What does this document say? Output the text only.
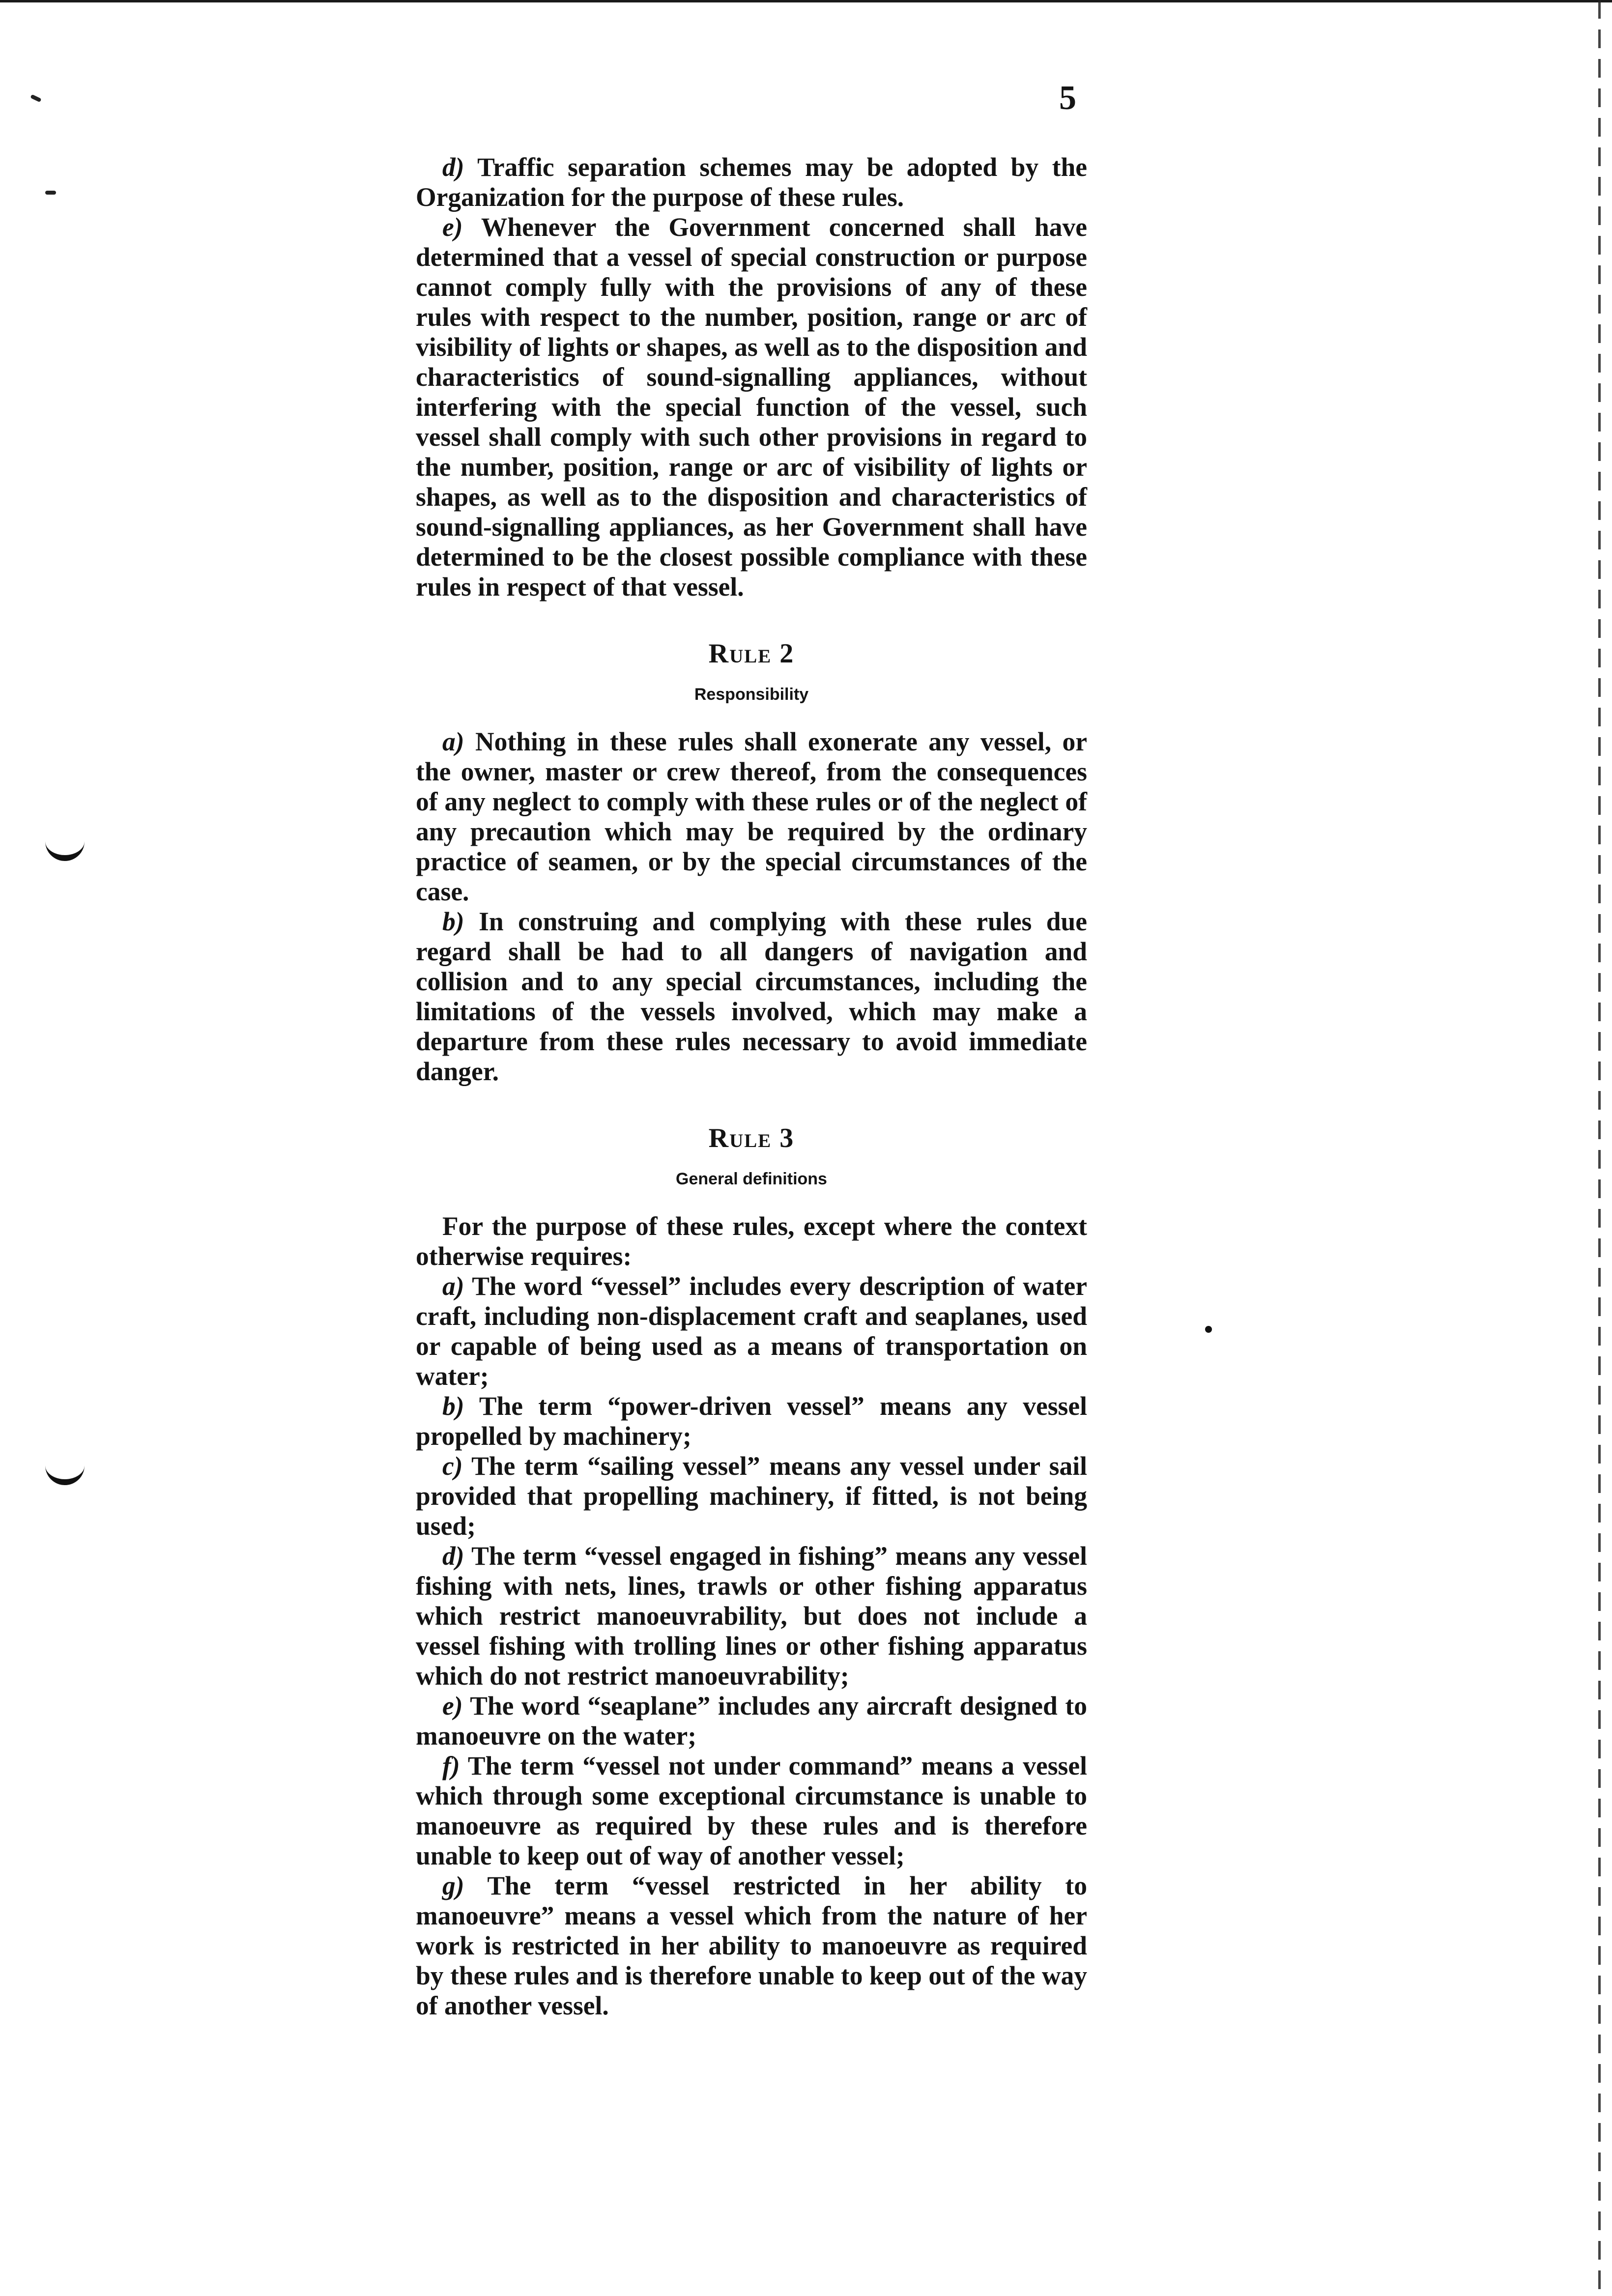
5

d) Traffic separation schemes may be adopted by the Organization for the purpose of these rules.

e) Whenever the Government concerned shall have determined that a vessel of special construction or purpose cannot comply fully with the provisions of any of these rules with respect to the number, position, range or arc of visibility of lights or shapes, as well as to the disposition and characteristics of sound-signalling appliances, without interfering with the special function of the vessel, such vessel shall comply with such other provisions in regard to the number, position, range or arc of visibility of lights or shapes, as well as to the disposition and characteristics of sound-signalling appliances, as her Government shall have determined to be the closest possible compliance with these rules in respect of that vessel.

Rule 2
Responsibility

a) Nothing in these rules shall exonerate any vessel, or the owner, master or crew thereof, from the consequences of any neglect to comply with these rules or of the neglect of any precaution which may be required by the ordinary practice of seamen, or by the special circumstances of the case.

b) In construing and complying with these rules due regard shall be had to all dangers of navigation and collision and to any special circumstances, including the limitations of the vessels involved, which may make a departure from these rules necessary to avoid immediate danger.

Rule 3
General definitions

For the purpose of these rules, except where the context otherwise requires:

a) The word “vessel” includes every description of water craft, including non-displacement craft and seaplanes, used or capable of being used as a means of transportation on water;

b) The term “power-driven vessel” means any vessel propelled by machinery;

c) The term “sailing vessel” means any vessel under sail provided that propelling machinery, if fitted, is not being used;

d) The term “vessel engaged in fishing” means any vessel fishing with nets, lines, trawls or other fishing apparatus which restrict manoeuvrability, but does not include a vessel fishing with trolling lines or other fishing apparatus which do not restrict manoeuvrability;

e) The word “seaplane” includes any aircraft designed to manoeuvre on the water;

f) The term “vessel not under command” means a vessel which through some exceptional circumstance is unable to manoeuvre as required by these rules and is therefore unable to keep out of way of another vessel;

g) The term “vessel restricted in her ability to manoeuvre” means a vessel which from the nature of her work is restricted in her ability to manoeuvre as required by these rules and is therefore unable to keep out of the way of another vessel.
